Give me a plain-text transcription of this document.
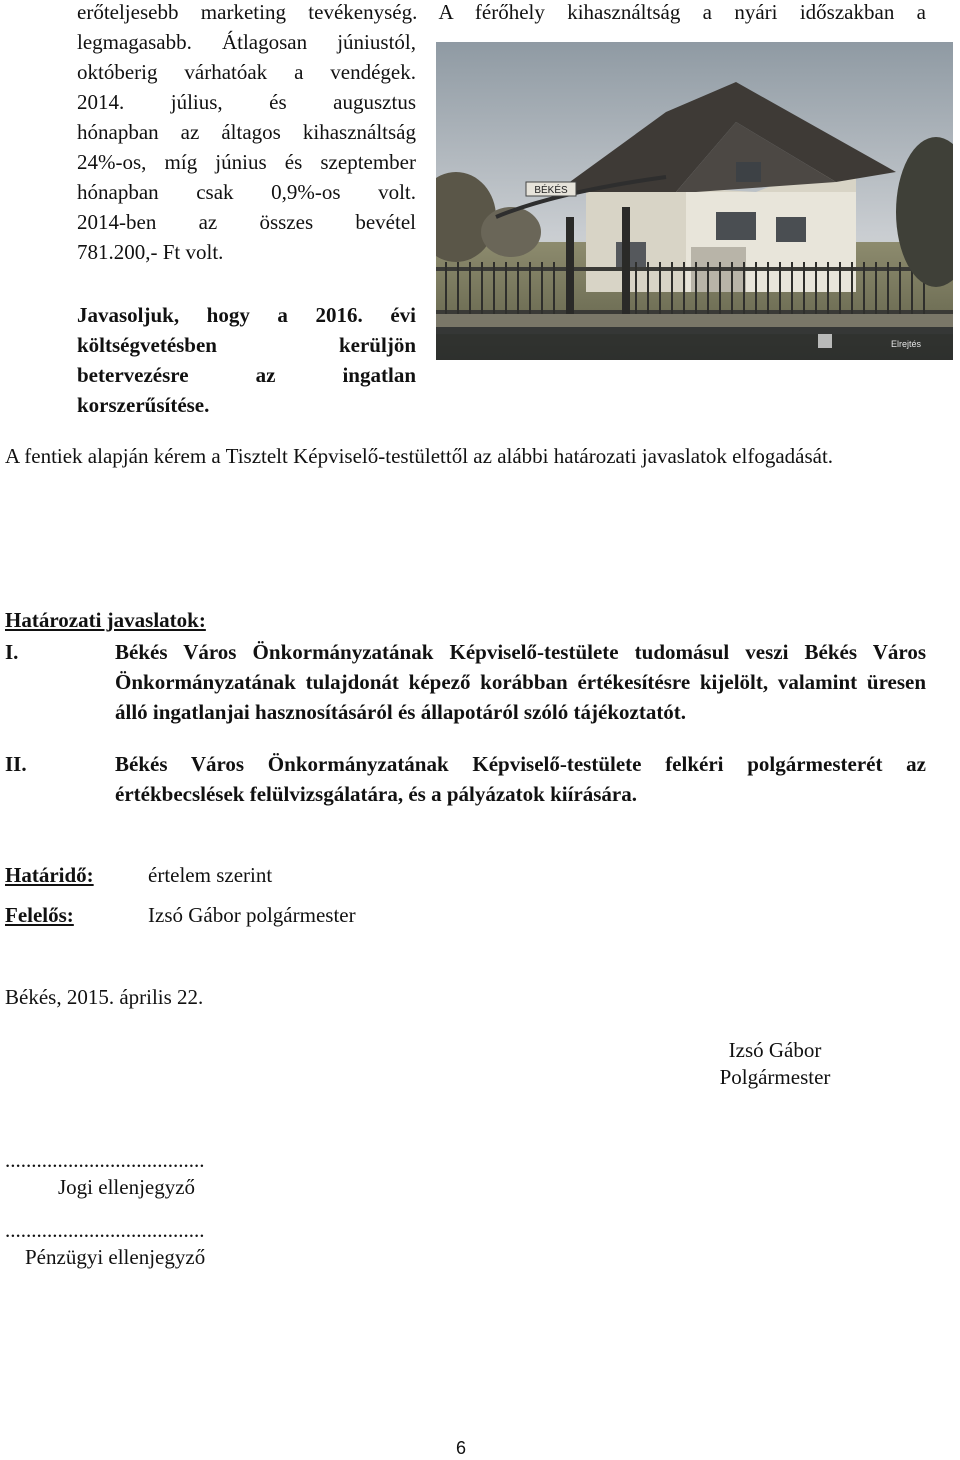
erőteljesebb marketing tevékenység. A férőhely kihasználtság a nyári időszakban a
legmagasabb. Átlagosan júniustól,
októberig várhatóak a vendégek.
2014. július, és augusztus
hónapban az áltagos kihasználtság
24%-os, míg június és szeptember
hónapban csak 0,9%-os volt.
2014-ben az összes bevétel
781.200,- Ft volt.
Javasoljuk, hogy a 2016. évi
költségvetésben kerüljön
betervezésre az ingatlan
korszerűsítése.
BÉKÉS
Elrejtés
A fentiek alapján kérem a Tisztelt Képviselő-testülettől az alábbi határozati javaslatok elfogadását.
Határozati javaslatok:
I.	Békés Város Önkormányzatának Képviselő-testülete tudomásul veszi Békés Város Önkormányzatának tulajdonát képező korábban értékesítésre kijelölt, valamint üresen álló ingatlanjai hasznosításáról és állapotáról szóló tájékoztatót.
II.	Békés Város Önkormányzatának Képviselő-testülete felkéri polgármesterét az értékbecslések felülvizsgálatára, és a pályázatok kiírására.
Határidő:	értelem szerint
Felelős:	Izsó Gábor polgármester
Békés, 2015. április 22.
Izsó Gábor
Polgármester
......................................
Jogi ellenjegyző
......................................
Pénzügyi ellenjegyző
6
